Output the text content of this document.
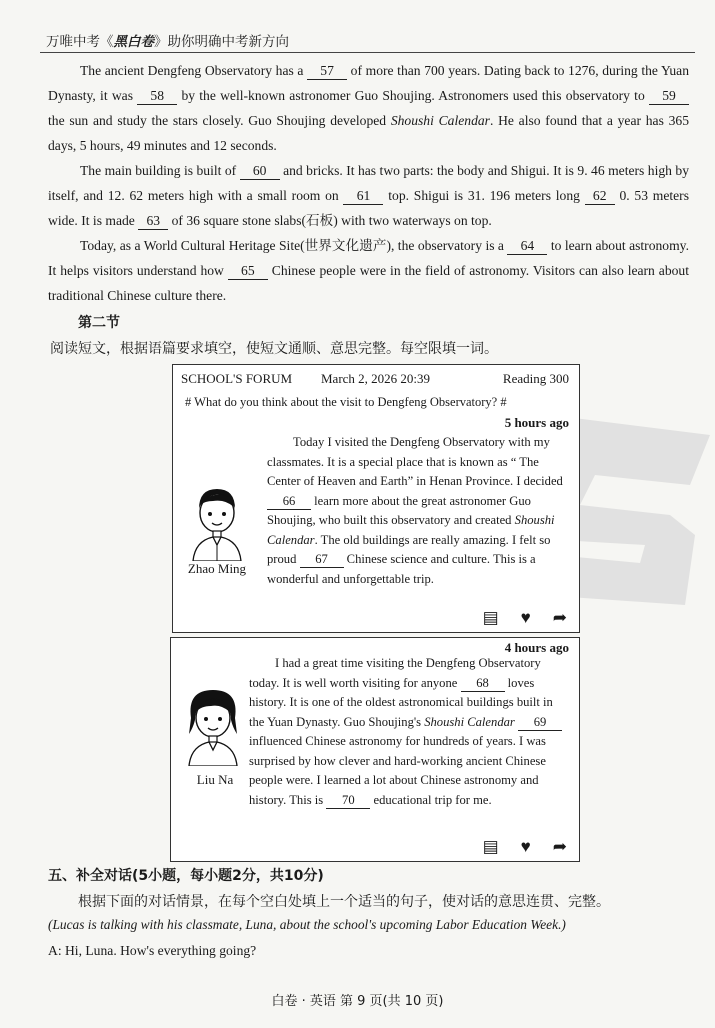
万唯中考《黑白卷》助你明确中考新方向

The ancient Dengfeng Observatory has a 57 of more than 700 years. Dating back to 1276, during the Yuan Dynasty, it was 58 by the well-known astronomer Guo Shoujing. Astronomers used this observatory to 59 the sun and study the stars closely. Guo Shoujing developed Shoushi Calendar. He also found that a year has 365 days, 5 hours, 49 minutes and 12 seconds.

The main building is built of 60 and bricks. It has two parts: the body and Shigui. It is 9. 46 meters high by itself, and 12. 62 meters high with a small room on 61 top. Shigui is 31. 196 meters long 62 0. 53 meters wide. It is made 63 of 36 square stone slabs(石板) with two waterways on top.

Today, as a World Cultural Heritage Site(世界文化遗产), the observatory is a 64 to learn about astronomy. It helps visitors understand how 65 Chinese people were in the field of astronomy. Visitors can also learn about traditional Chinese culture there.

第二节
阅读短文，根据语篇要求填空，使短文通顺、意思完整。每空限填一词。
SCHOOL'S FORUM	March 2, 2026 20:39	Reading 300
# What do you think about the visit to Dengfeng Observatory? #
5 hours ago
Zhao Ming

Today I visited the Dengfeng Observatory with my classmates. It is a special place that is known as “ The Center of Heaven and Earth” in Henan Province. I decided 66 learn more about the great astronomer Guo Shoujing, who built this observatory and created Shoushi Calendar. The old buildings are really amazing. I felt so proud 67 Chinese science and culture. This is a wonderful and unforgettable trip.

▤ ♥ ➦
4 hours ago
Liu Na

I had a great time visiting the Dengfeng Observatory today. It is well worth visiting for anyone 68 loves history. It is one of the oldest astronomical buildings built in the Yuan Dynasty. Guo Shoujing's Shoushi Calendar 69 influenced Chinese astronomy for hundreds of years. I was surprised by how clever and hard-working ancient Chinese people were. I learned a lot about Chinese astronomy and history. This is 70 educational trip for me.

▤ ♥ ➦
五、补全对话(5小题，每小题2分，共10分)
根据下面的对话情景，在每个空白处填上一个适当的句子，使对话的意思连贯、完整。
(Lucas is talking with his classmate, Luna, about the school's upcoming Labor Education Week.)
A: Hi, Luna. How's everything going?
白卷 · 英语 第 9 页(共 10 页)
